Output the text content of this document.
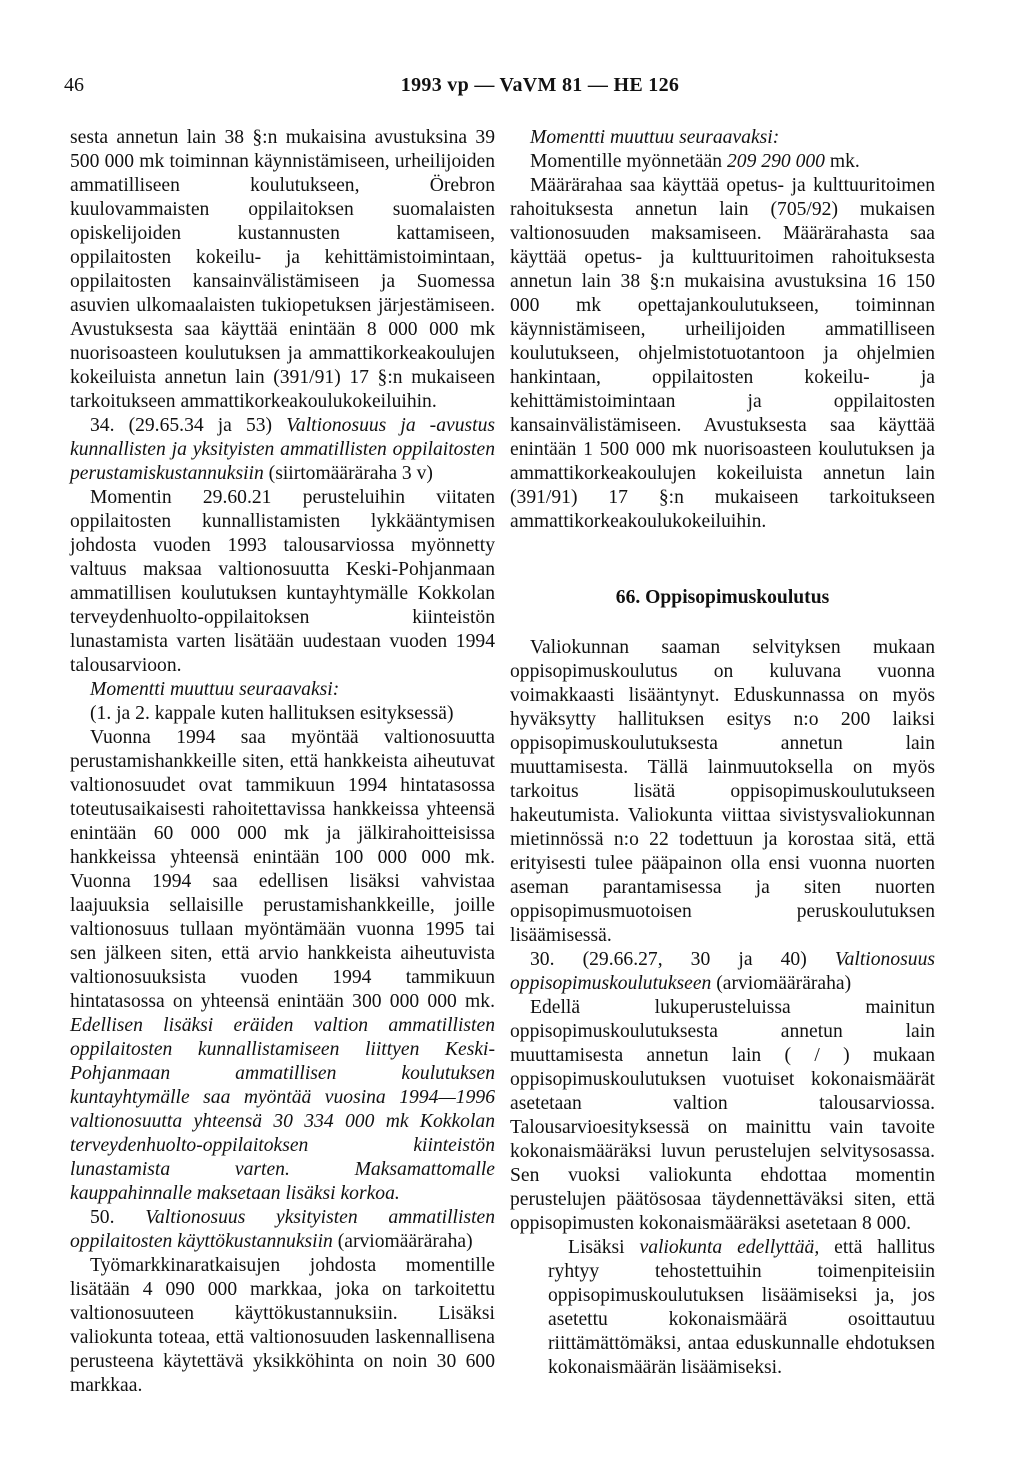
46	1993 vp — VaVM 81 — HE 126

sesta annetun lain 38 §:n mukaisina avustuksina 39 500 000 mk toiminnan käynnistämiseen, urheilijoiden ammatilliseen koulutukseen, Örebron kuulovammaisten oppilaitoksen suomalaisten opiskelijoiden kustannusten kattamiseen, oppilaitosten kokeilu- ja kehittämistoimintaan, oppilaitosten kansainvälistämiseen ja Suomessa asuvien ulkomaalaisten tukiopetuksen järjestämiseen. Avustuksesta saa käyttää enintään 8 000 000 mk nuorisoasteen koulutuksen ja ammattikorkeakoulujen kokeiluista annetun lain (391/91) 17 §:n mukaiseen tarkoitukseen ammattikorkeakoulukokeiluihin.

34. (29.65.34 ja 53) Valtionosuus ja -avustus kunnallisten ja yksityisten ammatillisten oppilaitosten perustamiskustannuksiin (siirtomääräraha 3 v)

Momentin 29.60.21 perusteluihin viitaten oppilaitosten kunnallistamisten lykkääntymisen johdosta vuoden 1993 talousarviossa myönnetty valtuus maksaa valtionosuutta Keski-Pohjanmaan ammatillisen koulutuksen kuntayhtymälle Kokkolan terveydenhuolto-oppilaitoksen kiinteistön lunastamista varten lisätään uudestaan vuoden 1994 talousarvioon.

Momentti muuttuu seuraavaksi:

(1. ja 2. kappale kuten hallituksen esityksessä)

Vuonna 1994 saa myöntää valtionosuutta perustamishankkeille siten, että hankkeista aiheutuvat valtionosuudet ovat tammikuun 1994 hintatasossa toteutusaikaisesti rahoitettavissa hankkeissa yhteensä enintään 60 000 000 mk ja jälkirahoitteisissa hankkeissa yhteensä enintään 100 000 000 mk. Vuonna 1994 saa edellisen lisäksi vahvistaa laajuuksia sellaisille perustamishankkeille, joille valtionosuus tullaan myöntämään vuonna 1995 tai sen jälkeen siten, että arvio hankkeista aiheutuvista valtionosuuksista vuoden 1994 tammikuun hintatasossa on yhteensä enintään 300 000 000 mk. Edellisen lisäksi eräiden valtion ammatillisten oppilaitosten kunnallistamiseen liittyen Keski-Pohjanmaan ammatillisen koulutuksen kuntayhtymälle saa myöntää vuosina 1994—1996 valtionosuutta yhteensä 30 334 000 mk Kokkolan terveydenhuolto-oppilaitoksen kiinteistön lunastamista varten. Maksamattomalle kauppahinnalle maksetaan lisäksi korkoa.

50. Valtionosuus yksityisten ammatillisten oppilaitosten käyttökustannuksiin (arviomääräraha)

Työmarkkinaratkaisujen johdosta momentille lisätään 4 090 000 markkaa, joka on tarkoitettu valtionosuuteen käyttökustannuksiin. Lisäksi valiokunta toteaa, että valtionosuuden laskennallisena perusteena käytettävä yksikköhinta on noin 30 600 markkaa.

Momentti muuttuu seuraavaksi:

Momentille myönnetään 209 290 000 mk.

Määrärahaa saa käyttää opetus- ja kulttuuritoimen rahoituksesta annetun lain (705/92) mukaisen valtionosuuden maksamiseen. Määrärahasta saa käyttää opetus- ja kulttuuritoimen rahoituksesta annetun lain 38 §:n mukaisina avustuksina 16 150 000 mk opettajankoulutukseen, toiminnan käynnistämiseen, urheilijoiden ammatilliseen koulutukseen, ohjelmistotuotantoon ja ohjelmien hankintaan, oppilaitosten kokeilu- ja kehittämistoimintaan ja oppilaitosten kansainvälistämiseen. Avustuksesta saa käyttää enintään 1 500 000 mk nuorisoasteen koulutuksen ja ammattikorkeakoulujen kokeiluista annetun lain (391/91) 17 §:n mukaiseen tarkoitukseen ammattikorkeakoulukokeiluihin.

66. Oppisopimuskoulutus

Valiokunnan saaman selvityksen mukaan oppisopimuskoulutus on kuluvana vuonna voimakkaasti lisääntynyt. Eduskunnassa on myös hyväksytty hallituksen esitys n:o 200 laiksi oppisopimuskoulutuksesta annetun lain muuttamisesta. Tällä lainmuutoksella on myös tarkoitus lisätä oppisopimuskoulutukseen hakeutumista. Valiokunta viittaa sivistysvaliokunnan mietinnössä n:o 22 todettuun ja korostaa sitä, että erityisesti tulee pääpainon olla ensi vuonna nuorten aseman parantamisessa ja siten nuorten oppisopimusmuotoisen peruskoulutuksen lisäämisessä.

30. (29.66.27, 30 ja 40) Valtionosuus oppisopimuskoulutukseen (arviomääräraha)

Edellä lukuperusteluissa mainitun oppisopimuskoulutuksesta annetun lain muuttamisesta annetun lain ( / ) mukaan oppisopimuskoulutuksen vuotuiset kokonaismäärät asetetaan valtion talousarviossa. Talousarvioesityksessä on mainittu vain tavoite kokonaismääräksi luvun perustelujen selvitysosassa. Sen vuoksi valiokunta ehdottaa momentin perustelujen päätösosaa täydennettäväksi siten, että oppisopimusten kokonaismääräksi asetetaan 8 000.

Lisäksi valiokunta edellyttää, että hallitus ryhtyy tehostettuihin toimenpiteisiin oppisopimuskoulutuksen lisäämiseksi ja, jos asetettu kokonaismäärä osoittautuu riittämättömäksi, antaa eduskunnalle ehdotuksen kokonaismäärän lisäämiseksi.
